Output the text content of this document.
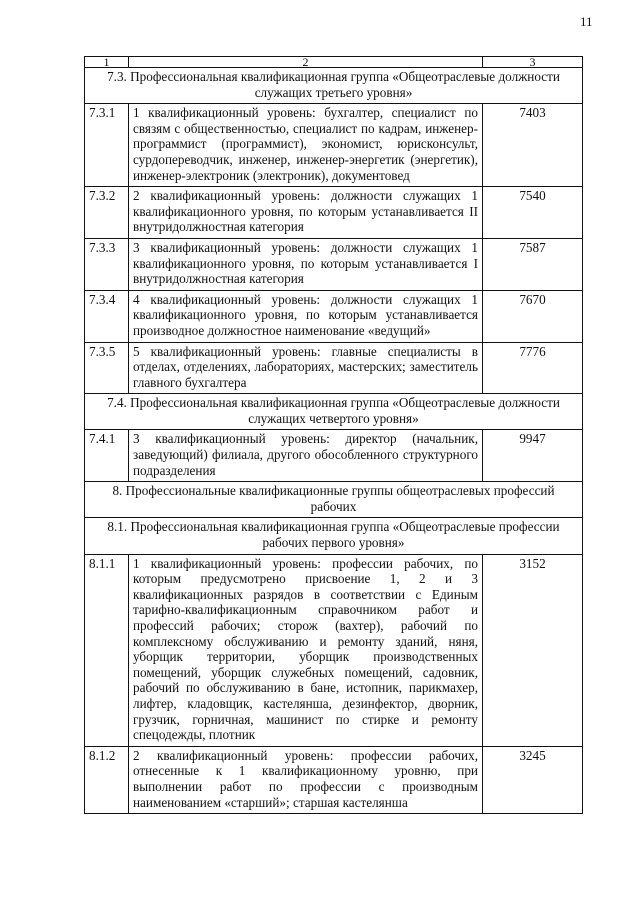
11
1	2	3
7.3. Профессиональная квалификационная группа «Общеотраслевые должности служащих третьего уровня»		
7.3.1	1 квалификационный уровень: бухгалтер, специалист по связям с общественностью, специалист по кадрам, инженер-программист (программист), экономист, юрисконсульт, сурдопереводчик, инженер, инженер-энергетик (энергетик), инженер-электроник (электроник), документовед	7403
7.3.2	2 квалификационный уровень: должности служащих 1 квалификационного уровня, по которым устанавливается II внутридолжностная категория	7540
7.3.3	3 квалификационный уровень: должности служащих 1 квалификационного уровня, по которым устанавливается I внутридолжностная категория	7587
7.3.4	4 квалификационный уровень: должности служащих 1 квалификационного уровня, по которым устанавливается производное должностное наименование «ведущий»	7670
7.3.5	5 квалификационный уровень: главные специалисты в отделах, отделениях, лабораториях, мастерских; заместитель главного бухгалтера	7776
7.4. Профессиональная квалификационная группа «Общеотраслевые должности служащих четвертого уровня»		
7.4.1	3 квалификационный уровень: директор (начальник, заведующий) филиала, другого обособленного структурного подразделения	9947
8. Профессиональные квалификационные группы общеотраслевых профессий рабочих		
8.1. Профессиональная квалификационная группа «Общеотраслевые профессии рабочих первого уровня»		
8.1.1	1 квалификационный уровень: профессии рабочих, по которым предусмотрено присвоение 1, 2 и 3 квалификационных разрядов в соответствии с Единым тарифно-квалификационным справочником работ и профессий рабочих; сторож (вахтер), рабочий по комплексному обслуживанию и ремонту зданий, няня, уборщик территории, уборщик производственных помещений, уборщик служебных помещений, садовник, рабочий по обслуживанию в бане, истопник, парикмахер, лифтер, кладовщик, кастелянша, дезинфектор, дворник, грузчик, горничная, машинист по стирке и ремонту спецодежды, плотник	3152
8.1.2	2 квалификационный уровень: профессии рабочих, отнесенные к 1 квалификационному уровню, при выполнении работ по профессии с производным наименованием «старший»; старшая кастелянша	3245
